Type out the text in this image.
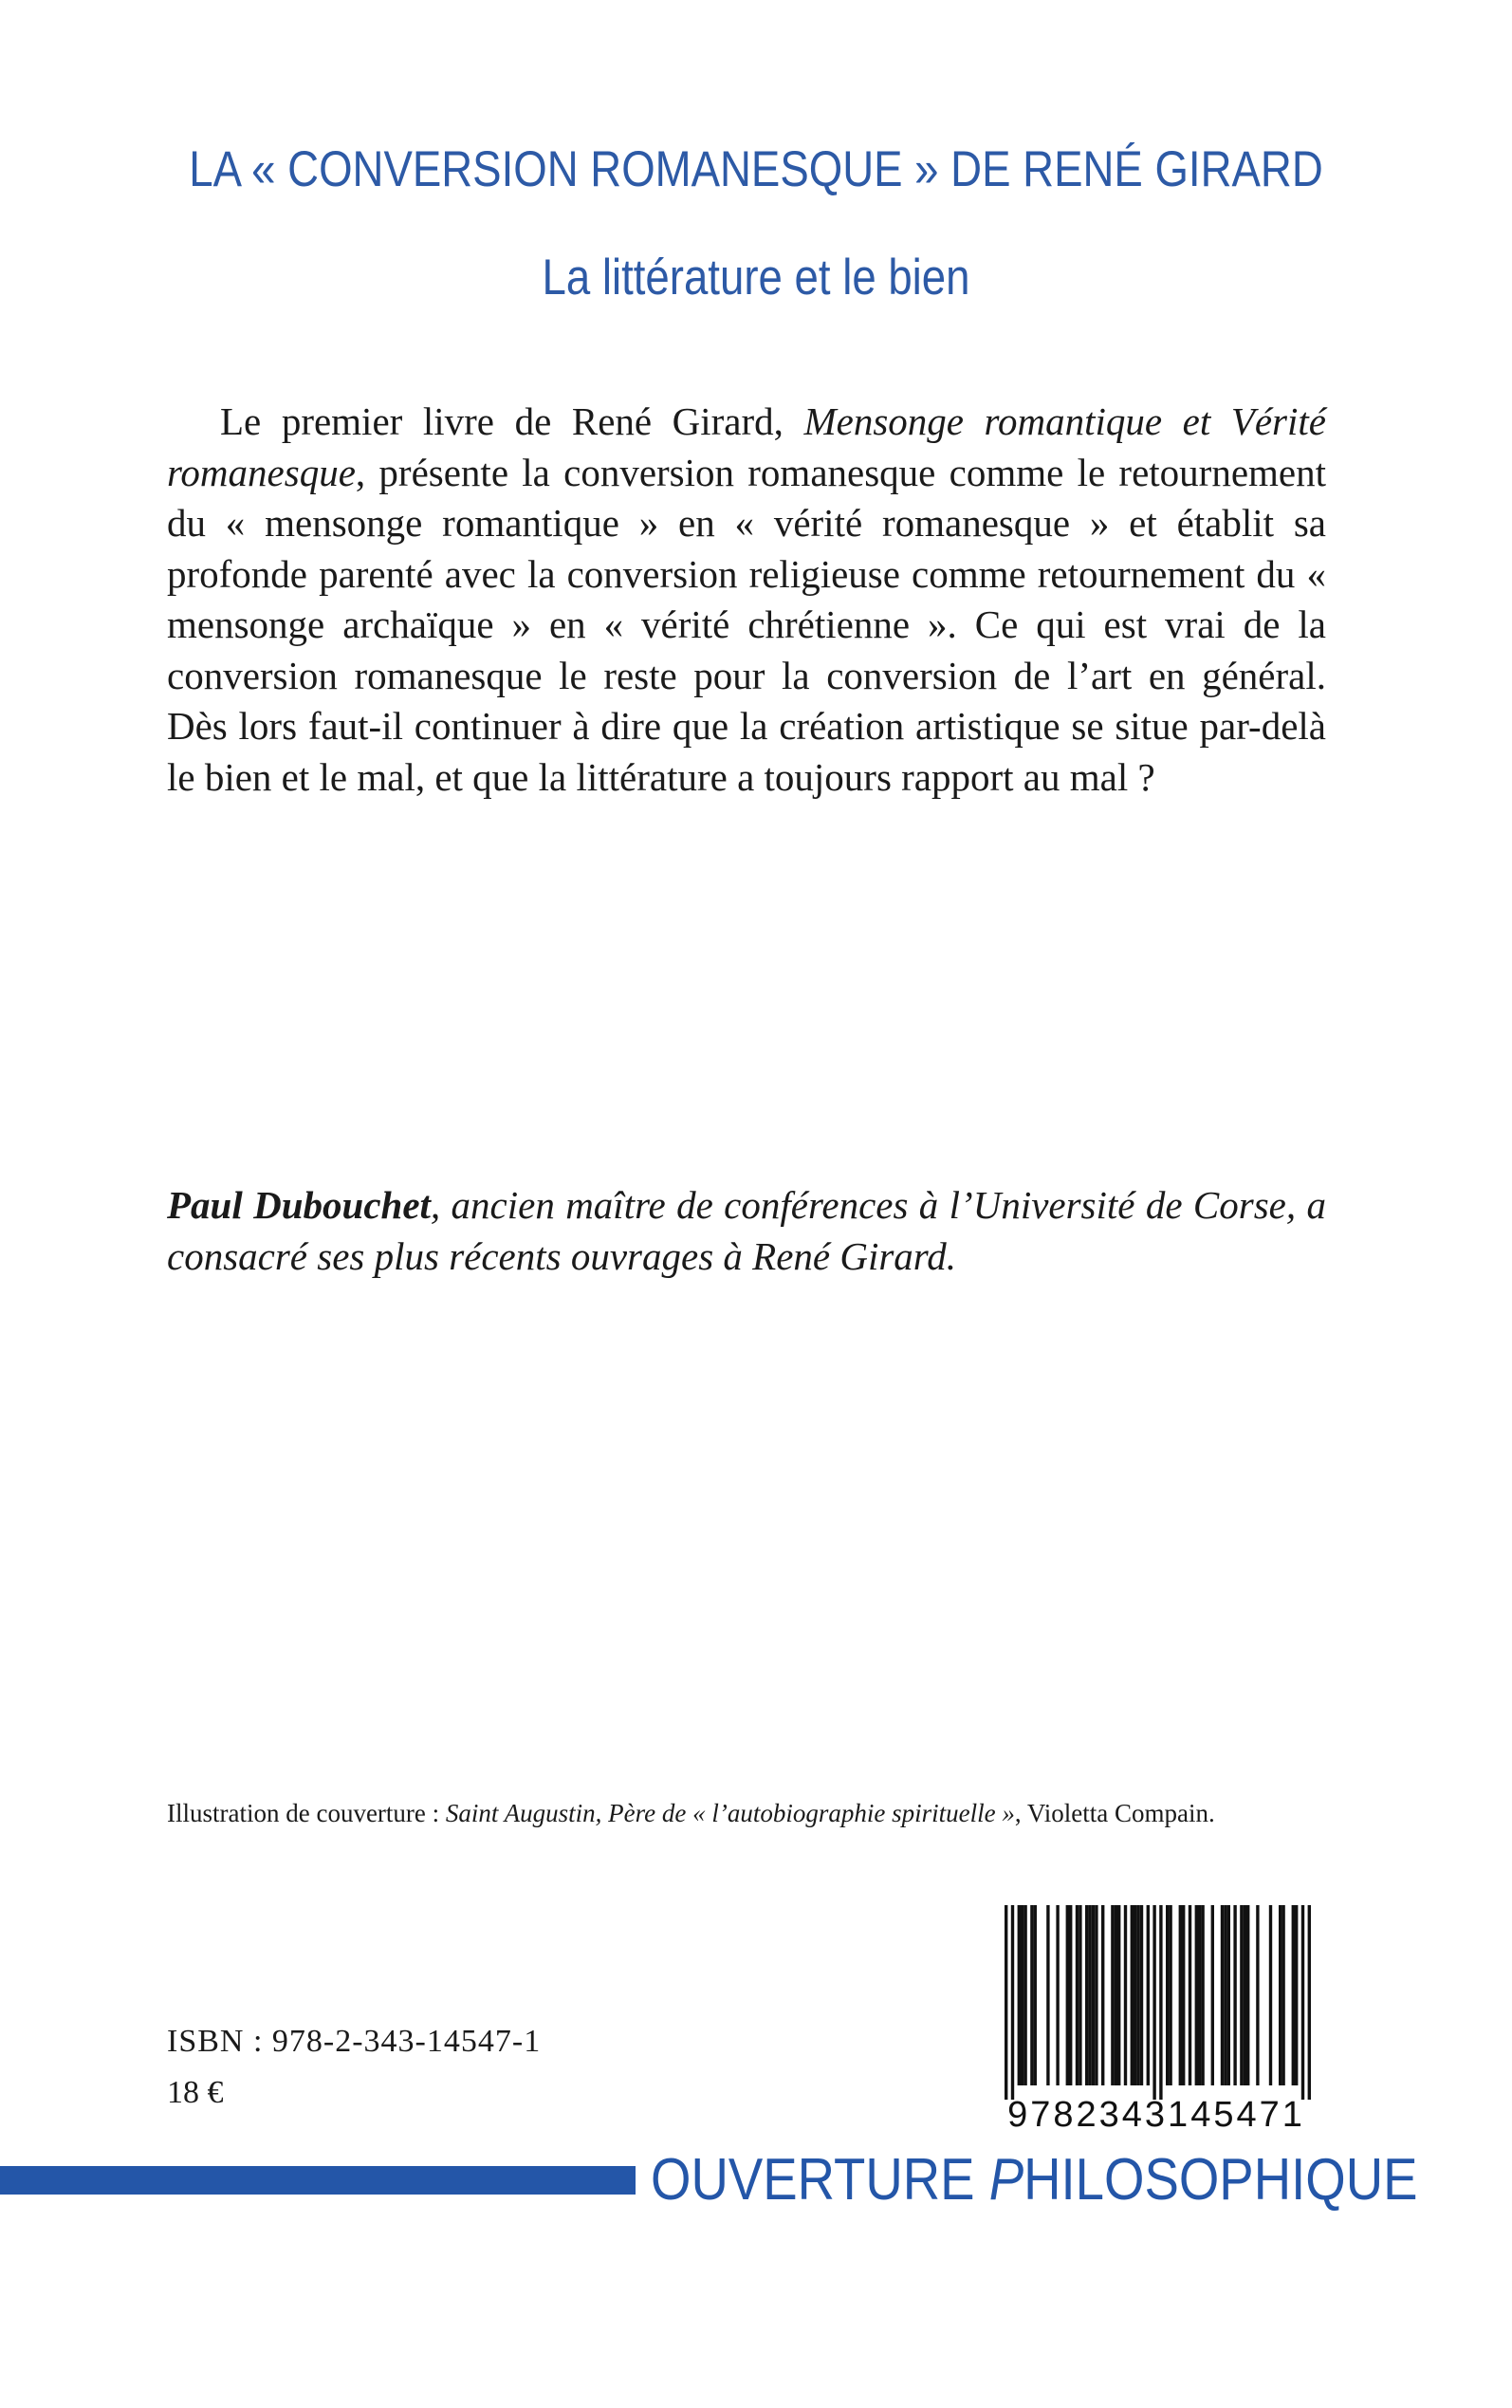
LA « CONVERSION ROMANESQUE » DE RENÉ GIRARD
La littérature et le bien

Le premier livre de René Girard, Mensonge romantique et Vérité romanesque, présente la conversion romanesque comme le retournement du « mensonge romantique » en « vérité romanesque » et établit sa profonde parenté avec la conversion religieuse comme retournement du « mensonge archaïque » en « vérité chrétienne ». Ce qui est vrai de la conversion romanesque le reste pour la conversion de l’art en général. Dès lors faut-il continuer à dire que la création artistique se situe par-delà le bien et le mal, et que la littérature a toujours rapport au mal ?

Paul Dubouchet, ancien maître de conférences à l’Université de Corse, a consacré ses plus récents ouvrages à René Girard.

Illustration de couverture : Saint Augustin, Père de « l’autobiographie spirituelle », Violetta Compain.

ISBN : 978-2-343-14547-1

18 €

9782343145471
OUVERTURE PHILOSOPHIQUE
